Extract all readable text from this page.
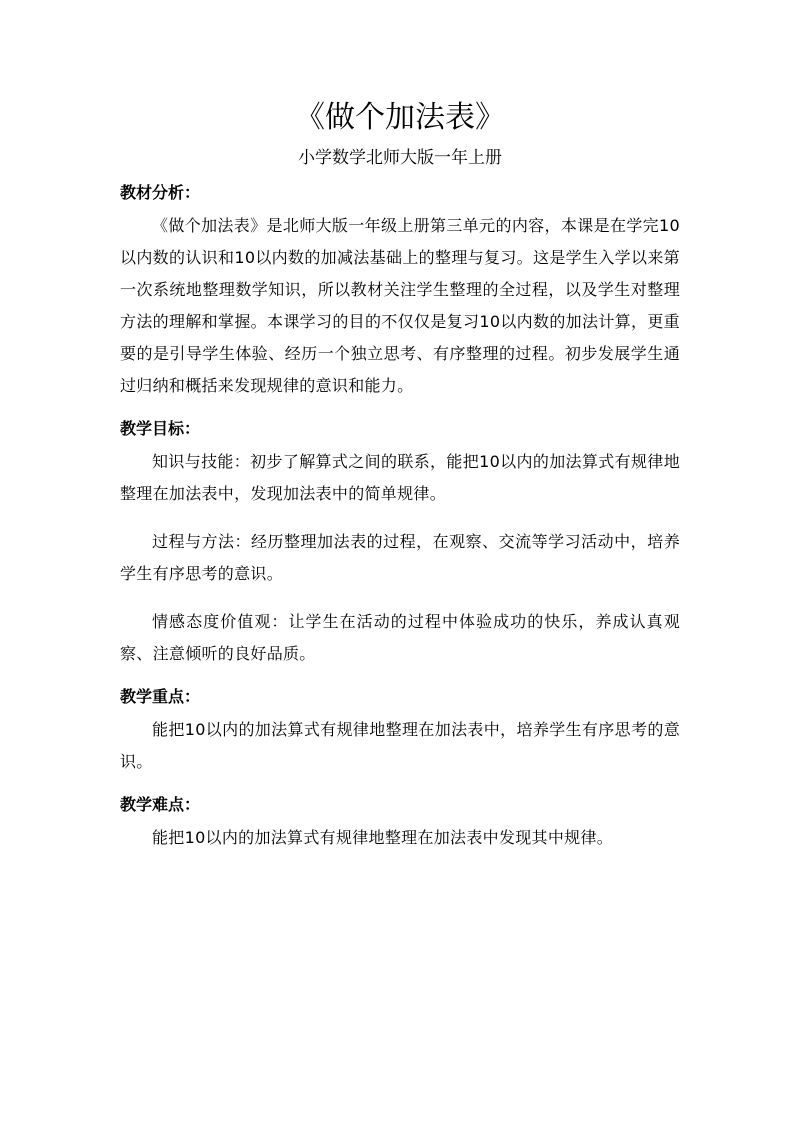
《做个加法表》
小学数学北师大版一年上册
教材分析：

《做个加法表》是北师大版一年级上册第三单元的内容，本课是在学完10以内数的认识和10以内数的加减法基础上的整理与复习。这是学生入学以来第一次系统地整理数学知识，所以教材关注学生整理的全过程，以及学生对整理方法的理解和掌握。本课学习的目的不仅仅是复习10以内数的加法计算，更重要的是引导学生体验、经历一个独立思考、有序整理的过程。初步发展学生通过归纳和概括来发现规律的意识和能力。

教学目标：

知识与技能：初步了解算式之间的联系，能把10以内的加法算式有规律地整理在加法表中，发现加法表中的简单规律。

过程与方法：经历整理加法表的过程，在观察、交流等学习活动中，培养学生有序思考的意识。

情感态度价值观：让学生在活动的过程中体验成功的快乐，养成认真观察、注意倾听的良好品质。

教学重点：

能把10以内的加法算式有规律地整理在加法表中，培养学生有序思考的意识。

教学难点：

能把10以内的加法算式有规律地整理在加法表中发现其中规律。
